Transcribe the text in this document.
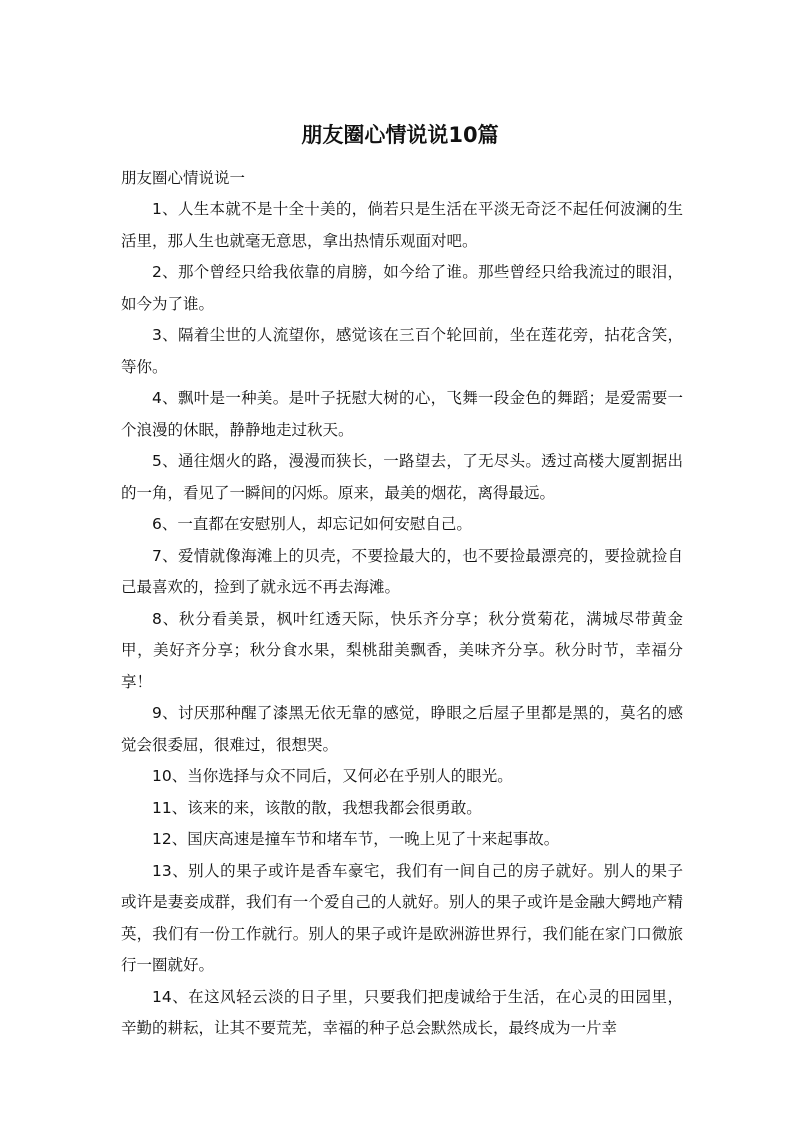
朋友圈心情说说10篇

朋友圈心情说说一

1、人生本就不是十全十美的，倘若只是生活在平淡无奇泛不起任何波澜的生活里，那人生也就毫无意思，拿出热情乐观面对吧。

2、那个曾经只给我依靠的肩膀，如今给了谁。那些曾经只给我流过的眼泪，如今为了谁。

3、隔着尘世的人流望你，感觉该在三百个轮回前，坐在莲花旁，拈花含笑，等你。

4、飘叶是一种美。是叶子抚慰大树的心，飞舞一段金色的舞蹈；是爱需要一个浪漫的休眠，静静地走过秋天。

5、通往烟火的路，漫漫而狭长，一路望去，了无尽头。透过高楼大厦割据出的一角，看见了一瞬间的闪烁。原来，最美的烟花，离得最远。

6、一直都在安慰别人，却忘记如何安慰自己。

7、爱情就像海滩上的贝壳，不要捡最大的，也不要捡最漂亮的，要捡就捡自己最喜欢的，捡到了就永远不再去海滩。

8、秋分看美景，枫叶红透天际，快乐齐分享；秋分赏菊花，满城尽带黄金甲，美好齐分享；秋分食水果，梨桃甜美飘香，美味齐分享。秋分时节，幸福分享！

9、讨厌那种醒了漆黑无依无靠的感觉，睁眼之后屋子里都是黑的，莫名的感觉会很委屈，很难过，很想哭。

10、当你选择与众不同后，又何必在乎别人的眼光。

11、该来的来，该散的散，我想我都会很勇敢。

12、国庆高速是撞车节和堵车节，一晚上见了十来起事故。

13、别人的果子或许是香车豪宅，我们有一间自己的房子就好。别人的果子或许是妻妾成群，我们有一个爱自己的人就好。别人的果子或许是金融大鳄地产精英，我们有一份工作就行。别人的果子或许是欧洲游世界行，我们能在家门口微旅行一圈就好。

14、在这风轻云淡的日子里，只要我们把虔诚给于生活，在心灵的田园里，辛勤的耕耘，让其不要荒芜，幸福的种子总会默然成长，最终成为一片幸
